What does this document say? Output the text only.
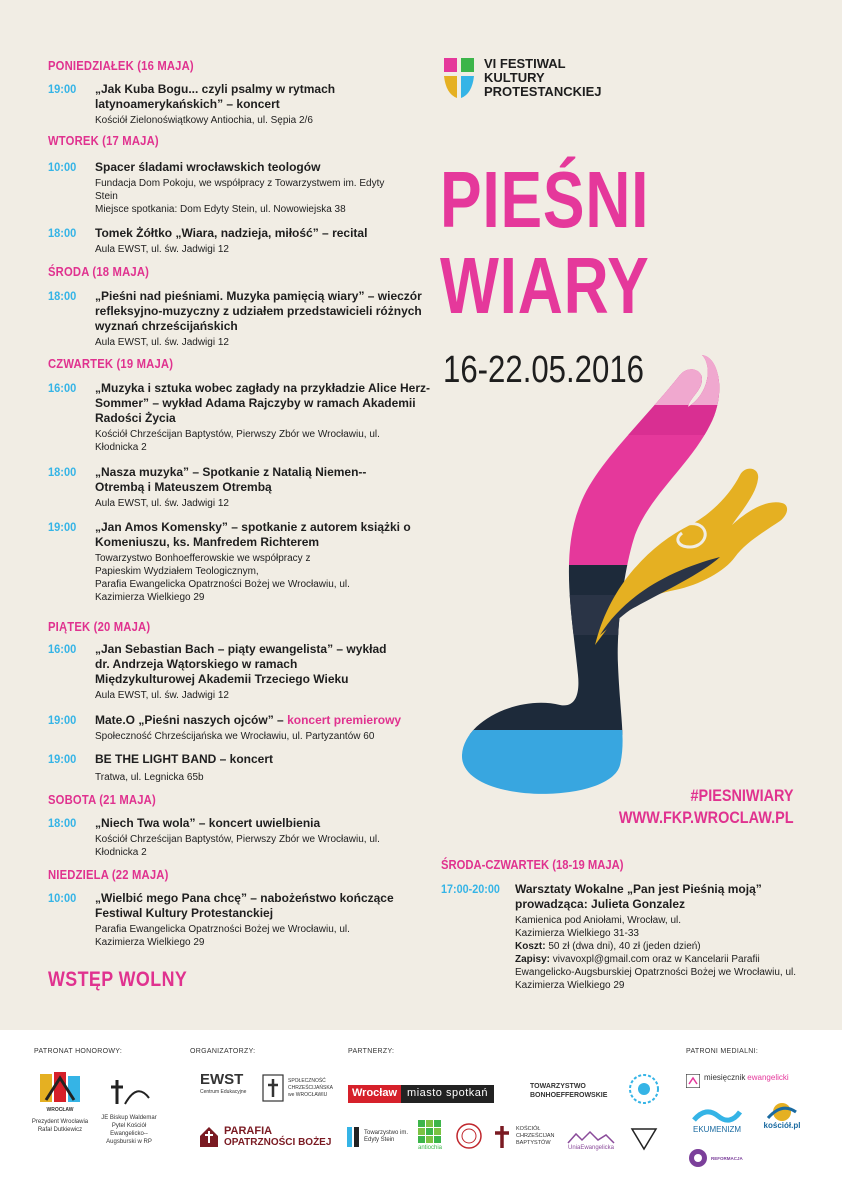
PONIEDZIAŁEK (16 MAJA)
19:00 „Jak Kuba Bogu... czyli psalmy w rytmach latynoamerykańskich” – koncert

Kościół Zielonoświątkowy Antiochia, ul. Sępia 2/6

WTOREK (17 MAJA)
10:00 Spacer śladami wrocławskich teologów

Fundacja Dom Pokoju, we współpracy z Towarzystwem im. Edyty Stein

Miejsce spotkania: Dom Edyty Stein, ul. Nowowiejska 38

18:00 Tomek Żółtko „Wiara, nadzieja, miłość” – recital

Aula EWST, ul. św. Jadwigi 12

ŚRODA (18 MAJA)
18:00 „Pieśni nad pieśniami. Muzyka pamięcią wiary” – wieczór refleksyjno-muzyczny z udziałem przedstawicieli różnych wyznań chrześcijańskich

Aula EWST, ul. św. Jadwigi 12

CZWARTEK (19 MAJA)
16:00 „Muzyka i sztuka wobec zagłady na przykładzie Alice Herz-Sommer” – wykład Adama Rajczyby w ramach Akademii Radości Życia

Kościół Chrześcijan Baptystów, Pierwszy Zbór we Wrocławiu, ul. Kłodnicka 2

18:00 „Nasza muzyka” – Spotkanie z Natalią Niemen--Otrembą i Mateuszem Otrembą

Aula EWST, ul. św. Jadwigi 12

19:00 „Jan Amos Komensky” – spotkanie z autorem książki o Komeniuszu, ks. Manfredem Richterem

Towarzystwo Bonhoefferowskie we współpracy z Papieskim Wydziałem Teologicznym,

Parafia Ewangelicka Opatrzności Bożej we Wrocławiu, ul. Kazimierza Wielkiego 29

PIĄTEK (20 MAJA)
16:00 „Jan Sebastian Bach – piąty ewangelista” – wykład dr. Andrzeja Wątorskiego w ramach Międzykulturowej Akademii Trzeciego Wieku

Aula EWST, ul. św. Jadwigi 12

19:00 Mate.O „Pieśni naszych ojców” – koncert premierowy

Społeczność Chrześcijańska we Wrocławiu, ul. Partyzantów 60

19:00 BE THE LIGHT BAND – koncert

Tratwa, ul. Legnicka 65b

SOBOTA (21 MAJA)
18:00 „Niech Twa wola” – koncert uwielbienia

Kościół Chrześcijan Baptystów, Pierwszy Zbór we Wrocławiu, ul. Kłodnicka 2

NIEDZIELA (22 MAJA)
10:00 „Wielbić mego Pana chcę” – nabożeństwo kończące Festiwal Kultury Protestanckiej

Parafia Ewangelicka Opatrzności Bożej we Wrocławiu, ul. Kazimierza Wielkiego 29

WSTĘP WOLNY
VI FESTIWAL
KULTURY
PROTESTANCKIEJ
PIEŚNI
WIARY
16-22.05.2016
#PIESNIWIARY
WWW.FKP.WROCLAW.PL
ŚRODA-CZWARTEK (18-19 MAJA)
17:00-20:00 Warsztaty Wokalne „Pan jest Pieśnią moją” prowadząca: Julieta Gonzalez

Kamienica pod Aniołami, Wrocław, ul. Kazimierza Wielkiego 31-33

Koszt: 50 zł (dwa dni), 40 zł (jeden dzień)

Zapisy: vivavoxpl@gmail.com oraz w Kancelarii Parafii Ewangelicko-Augsburskiej Opatrzności Bożej we Wrocławiu, ul. Kazimierza Wielkiego 29

PATRONAT HONOROWY:	ORGANIZATORZY:	PARTNERZY:	PATRONI MEDIALNI:
WROCŁAW
Prezydent Wrocławia Rafał Dutkiewicz
JE Biskup Waldemar Pytel Kościół Ewangelicko--Augsburski w RP
EWST
Centrum Edukacyjne
SPOŁECZNOŚĆ CHRZEŚCIJAŃSKA we WROCŁAWIU
PARAFIA
OPATRZNOŚCI BOŻEJ
Wrocław miasto spotkań
TOWARZYSTWO BONHOEFFEROWSKIE
Towarzystwo im. Edyty Stein
antiochia
KOŚCIÓŁ CHRZEŚCIJAN BAPTYSTÓW
UniaEwangelicka
miesięcznik ewangelicki
EKUMENIZM	kościół.pl
REFORMACJA
